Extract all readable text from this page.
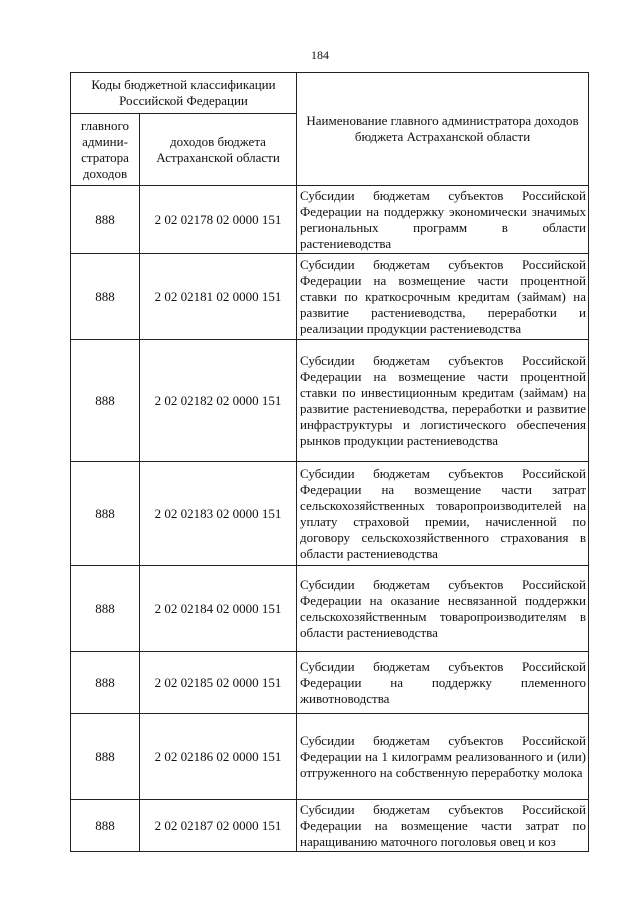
184
Коды бюджетной классификации Российской Федерации		Наименование главного администратора доходов бюджета Астраханской области
главного админи-стратора доходов	доходов бюджета Астраханской области	
888	2 02 02178 02 0000 151	Субсидии бюджетам субъектов Российской Федерации на поддержку экономически значимых региональных программ в области растениеводства
888	2 02 02181 02 0000 151	Субсидии бюджетам субъектов Российской Федерации на возмещение части процентной ставки по краткосрочным кредитам (займам) на развитие растениеводства, переработки и реализации продукции растениеводства
888	2 02 02182 02 0000 151	Субсидии бюджетам субъектов Российской Федерации на возмещение части процентной ставки по инвестиционным кредитам (займам) на развитие растениеводства, переработки и развитие инфраструктуры и логистического обеспечения рынков продукции растениеводства
888	2 02 02183 02 0000 151	Субсидии бюджетам субъектов Российской Федерации на возмещение части затрат сельскохозяйственных товаропроизводителей на уплату страховой премии, начисленной по договору сельскохозяйственного страхования в области растениеводства
888	2 02 02184 02 0000 151	Субсидии бюджетам субъектов Российской Федерации на оказание несвязанной поддержки сельскохозяйственным товаропроизводителям в области растениеводства
888	2 02 02185 02 0000 151	Субсидии бюджетам субъектов Российской Федерации на поддержку племенного животноводства
888	2 02 02186 02 0000 151	Субсидии бюджетам субъектов Российской Федерации на 1 килограмм реализованного и (или) отгруженного на собственную переработку молока
888	2 02 02187 02 0000 151	Субсидии бюджетам субъектов Российской Федерации на возмещение части затрат по наращиванию маточного поголовья овец и коз
